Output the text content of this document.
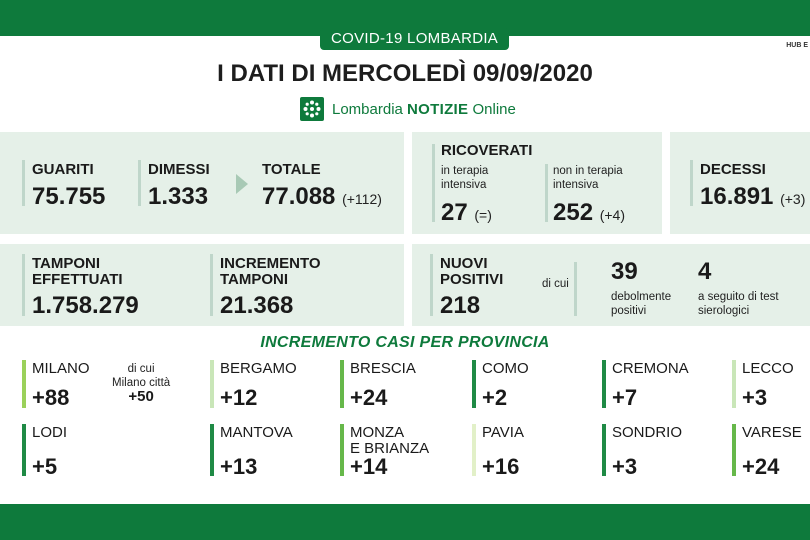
COVID-19 LOMBARDIA	HUB E
I DATI DI MERCOLEDÌ 09/09/2020
Lombardia NOTIZIE Online
GUARITI
75.755
DIMESSI
1.333
TOTALE
77.088 (+112)
RICOVERATI
in terapia
intensiva
27 (=)
non in terapia
intensiva
252 (+4)
DECESSI
16.891 (+3)
TAMPONI
EFFETTUATI
1.758.279
INCREMENTO
TAMPONI
21.368
NUOVI
POSITIVI
218
di cui 39
debolmente
positivi
4
a seguito di test
sierologici
INCREMENTO CASI PER PROVINCIA
MILANO
+88
di cui
Milano città
+50
BERGAMO
+12
BRESCIA
+24
COMO
+2
CREMONA
+7
LECCO
+3
LODI
+5
MANTOVA
+13
MONZA
E BRIANZA
+14
PAVIA
+16
SONDRIO
+3
VARESE
+24
